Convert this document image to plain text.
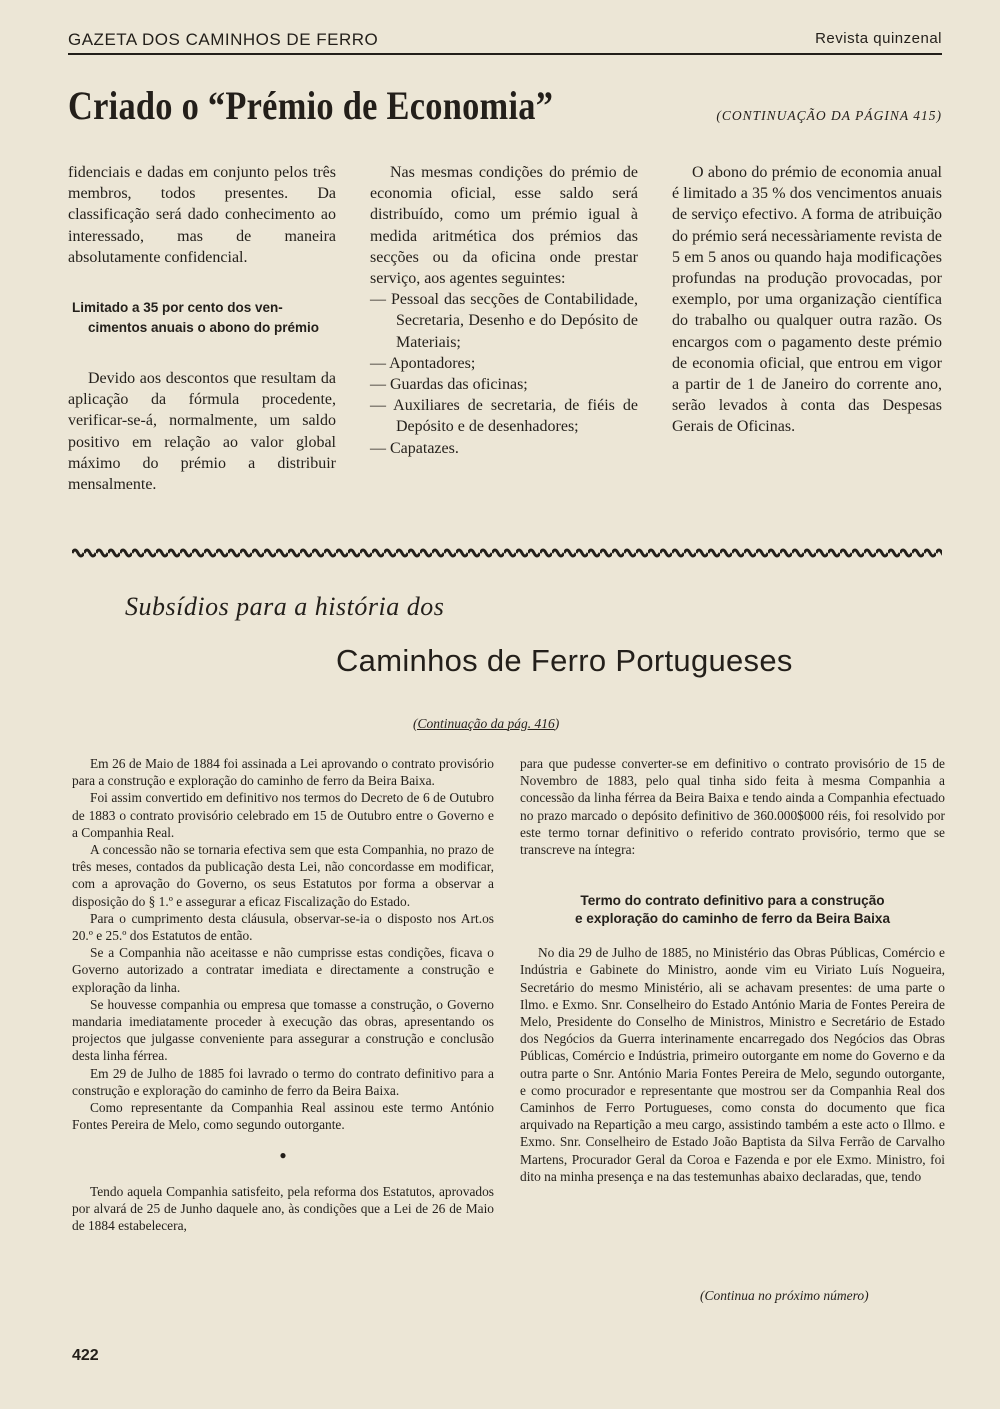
GAZETA DOS CAMINHOS DE FERRO	Revista quinzenal
Criado o “Prémio de Economia”	(CONTINUAÇÃO DA PÁGINA 415)

fidenciais e dadas em conjunto pelos três membros, todos presentes. Da classificação será dado conhecimento ao interessado, mas de maneira absolutamente confidencial.

Limitado a 35 por cento dos ven-
cimentos anuais o abono do prémio

Devido aos descontos que resultam da aplicação da fórmula procedente, verificar-se-á, normalmente, um saldo positivo em relação ao valor global máximo do prémio a distribuir mensalmente.

Nas mesmas condições do prémio de economia oficial, esse saldo será distribuído, como um prémio igual à medida aritmética dos prémios das secções ou da oficina onde prestar serviço, aos agentes seguintes:

— Pessoal das secções de Contabilidade, Secretaria, Desenho e do Depósito de Materiais;
— Apontadores;
— Guardas das oficinas;
— Auxiliares de secretaria, de fiéis de Depósito e de desenhadores;
— Capatazes.

O abono do prémio de economia anual é limitado a 35 % dos vencimentos anuais de serviço efectivo. A forma de atribuição do prémio será necessàriamente revista de 5 em 5 anos ou quando haja modificações profundas na produção provocadas, por exemplo, por uma organização científica do trabalho ou qualquer outra razão. Os encargos com o pagamento deste prémio de economia oficial, que entrou em vigor a partir de 1 de Janeiro do corrente ano, serão levados à conta das Despesas Gerais de Oficinas.

Subsídios para a história dos
Caminhos de Ferro Portugueses
(Continuação da pág. 416)

Em 26 de Maio de 1884 foi assinada a Lei aprovando o contrato provisório para a construção e exploração do caminho de ferro da Beira Baixa.

Foi assim convertido em definitivo nos termos do Decreto de 6 de Outubro de 1883 o contrato provisório celebrado em 15 de Outubro entre o Governo e a Companhia Real.

A concessão não se tornaria efectiva sem que esta Companhia, no prazo de três meses, contados da publicação desta Lei, não concordasse em modificar, com a aprovação do Governo, os seus Estatutos por forma a observar a disposição do § 1.º e assegurar a eficaz Fiscalização do Estado.

Para o cumprimento desta cláusula, observar-se-ia o disposto nos Art.os 20.º e 25.º dos Estatutos de então.

Se a Companhia não aceitasse e não cumprisse estas condições, ficava o Governo autorizado a contratar imediata e directamente a construção e exploração da linha.

Se houvesse companhia ou empresa que tomasse a construção, o Governo mandaria imediatamente proceder à execução das obras, apresentando os projectos que julgasse conveniente para assegurar a construção e conclusão desta linha férrea.

Em 29 de Julho de 1885 foi lavrado o termo do contrato definitivo para a construção e exploração do caminho de ferro da Beira Baixa.

Como representante da Companhia Real assinou este termo António Fontes Pereira de Melo, como segundo outorgante.

●

Tendo aquela Companhia satisfeito, pela reforma dos Estatutos, aprovados por alvará de 25 de Junho daquele ano, às condições que a Lei de 26 de Maio de 1884 estabelecera,

para que pudesse converter-se em definitivo o contrato provisório de 15 de Novembro de 1883, pelo qual tinha sido feita à mesma Companhia a concessão da linha férrea da Beira Baixa e tendo ainda a Companhia efectuado no prazo marcado o depósito definitivo de 360.000$000 réis, foi resolvido por este termo tornar definitivo o referido contrato provisório, termo que se transcreve na íntegra:

Termo do contrato definitivo para a construção
e exploração do caminho de ferro da Beira Baixa

No dia 29 de Julho de 1885, no Ministério das Obras Públicas, Comércio e Indústria e Gabinete do Ministro, aonde vim eu Viriato Luís Nogueira, Secretário do mesmo Ministério, ali se achavam presentes: de uma parte o Ilmo. e Exmo. Snr. Conselheiro do Estado António Maria de Fontes Pereira de Melo, Presidente do Conselho de Ministros, Ministro e Secretário de Estado dos Negócios da Guerra interinamente encarregado dos Negócios das Obras Públicas, Comércio e Indústria, primeiro outorgante em nome do Governo e da outra parte o Snr. António Maria Fontes Pereira de Melo, segundo outorgante, e como procurador e representante que mostrou ser da Companhia Real dos Caminhos de Ferro Portugueses, como consta do documento que fica arquivado na Repartição a meu cargo, assistindo também a este acto o Illmo. e Exmo. Snr. Conselheiro de Estado João Baptista da Silva Ferrão de Carvalho Martens, Procurador Geral da Coroa e Fazenda e por ele Exmo. Ministro, foi dito na minha presença e na das testemunhas abaixo declaradas, que, tendo

(Continua no próximo número)
422
